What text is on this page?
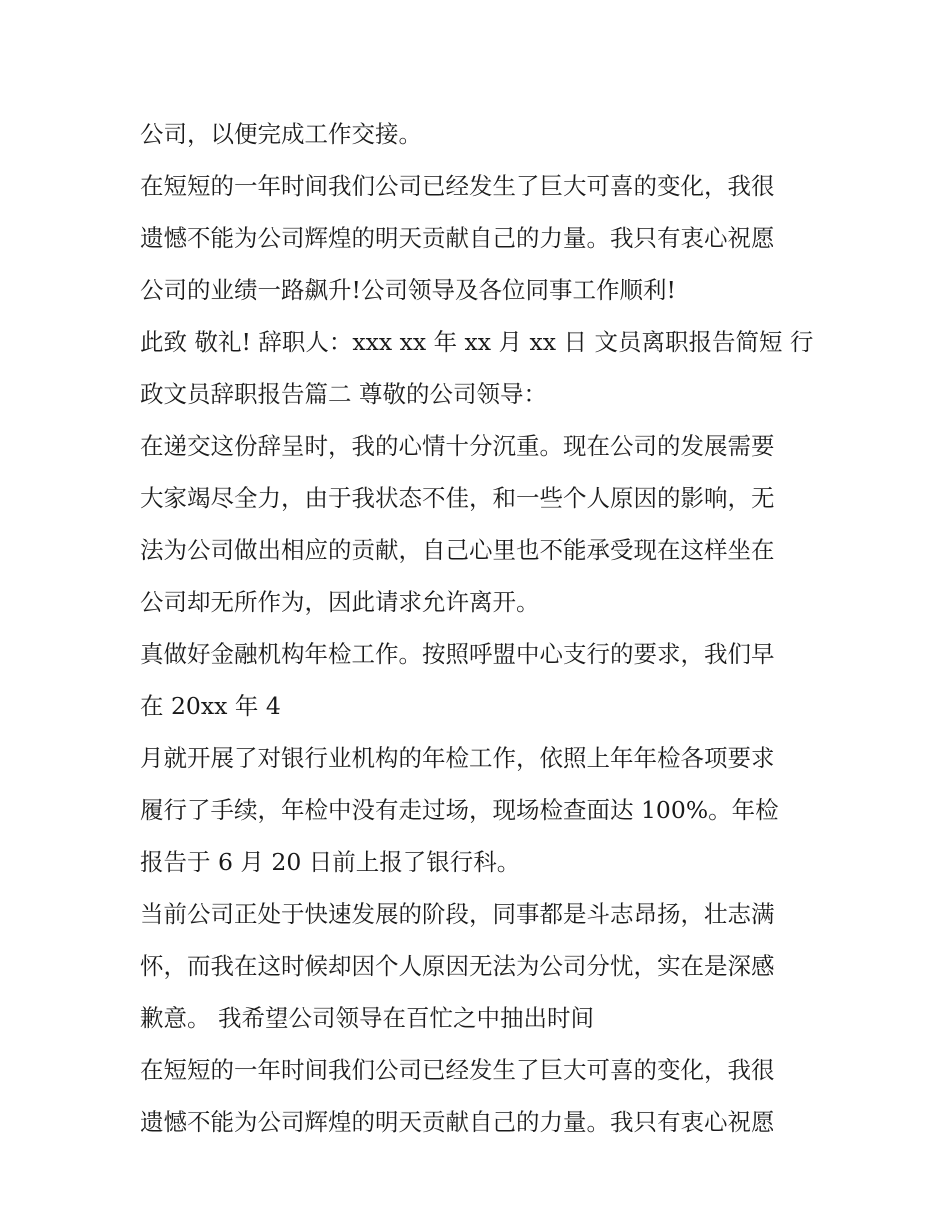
公司，以便完成工作交接。

在短短的一年时间我们公司已经发生了巨大可喜的变化，我很
遗憾不能为公司辉煌的明天贡献自己的力量。我只有衷心祝愿
公司的业绩一路飙升!公司领导及各位同事工作顺利!

此致 敬礼! 辞职人：xxx xx 年 xx 月 xx 日 文员离职报告简短 行
政文员辞职报告篇二 尊敬的公司领导：

在递交这份辞呈时，我的心情十分沉重。现在公司的发展需要
大家竭尽全力，由于我状态不佳，和一些个人原因的影响，无
法为公司做出相应的贡献，自己心里也不能承受现在这样坐在
公司却无所作为，因此请求允许离开。

真做好金融机构年检工作。按照呼盟中心支行的要求，我们早
在 20xx 年 4

月就开展了对银行业机构的年检工作，依照上年年检各项要求
履行了手续，年检中没有走过场，现场检查面达 100%。年检
报告于 6 月 20 日前上报了银行科。

当前公司正处于快速发展的阶段，同事都是斗志昂扬，壮志满
怀，而我在这时候却因个人原因无法为公司分忧，实在是深感
歉意。 我希望公司领导在百忙之中抽出时间

在短短的一年时间我们公司已经发生了巨大可喜的变化，我很
遗憾不能为公司辉煌的明天贡献自己的力量。我只有衷心祝愿
